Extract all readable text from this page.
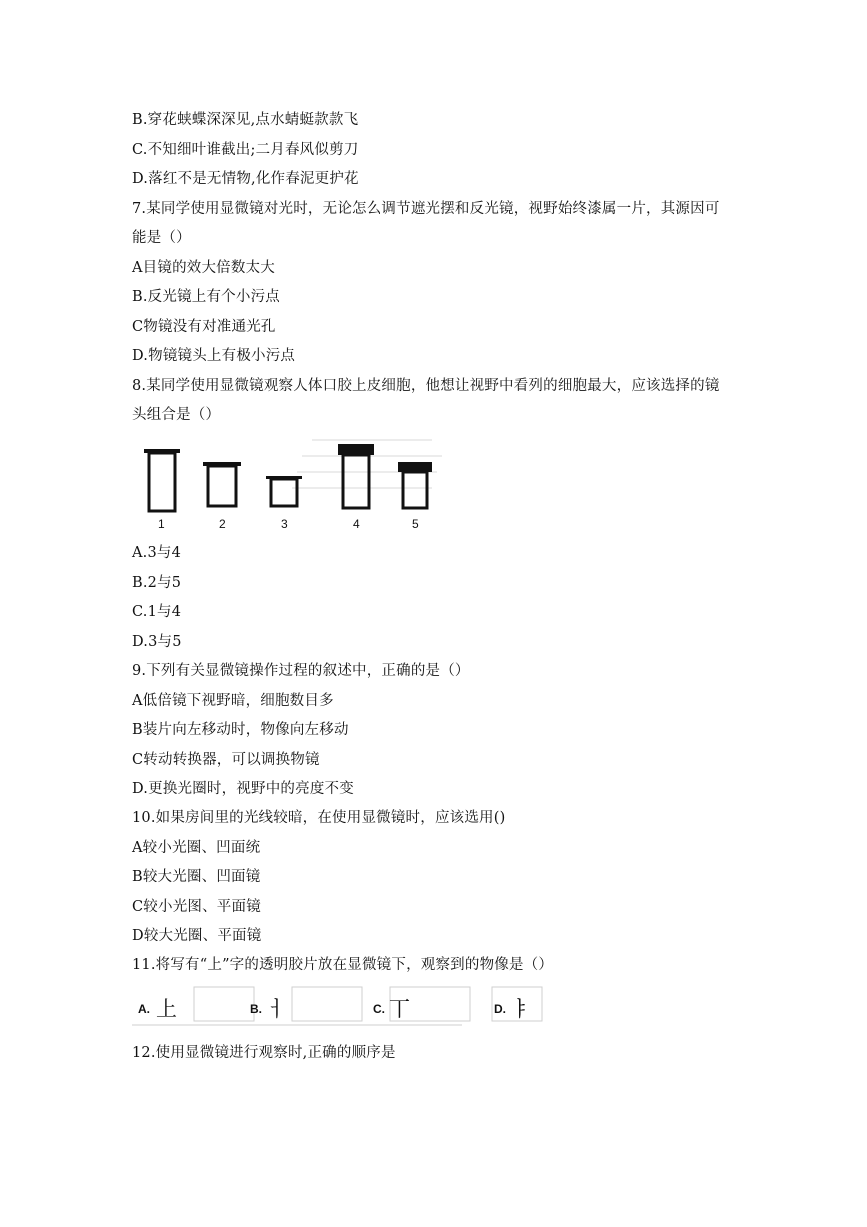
B.穿花蛱蝶深深见,点水蜻蜓款款飞
C.不知细叶谁截出;二月春风似剪刀
D.落红不是无情物,化作春泥更护花
7.某同学使用显微镜对光时，无论怎么调节遮光摆和反光镜，视野始终漆属一片，其源因可
能是（）
A目镜的效大倍数太大
B.反光镜上有个小污点
C物镜没有对准通光孔
D.物镜镜头上有极小污点
8.某同学使用显微镜观察人体口胶上皮细胞，他想让视野中看列的细胞最大，应该选择的镜
头组合是（）
1	2	3	4	5
A.3与4
B.2与5
C.1与4
D.3与5
9.下列有关显微镜操作过程的叙述中，正确的是（）
A低倍镜下视野暗，细胞数目多
B装片向左移动时，物像向左移动
C转动转换器，可以调换物镜
D.更换光圈时，视野中的亮度不变
10.如果房间里的光线较暗，在使用显微镜时，应该选用()
A较小光圈、凹面统
B较大光圈、凹面镜
C较小光图、平面镜
D较大光圈、平面镜
11.将写有“上”字的透明胶片放在显微镜下，观察到的物像是（）
A. 上	B. ㅓ	C. 丅	D. ㅑ
12.使用显微镜进行观察时,正确的顺序是
